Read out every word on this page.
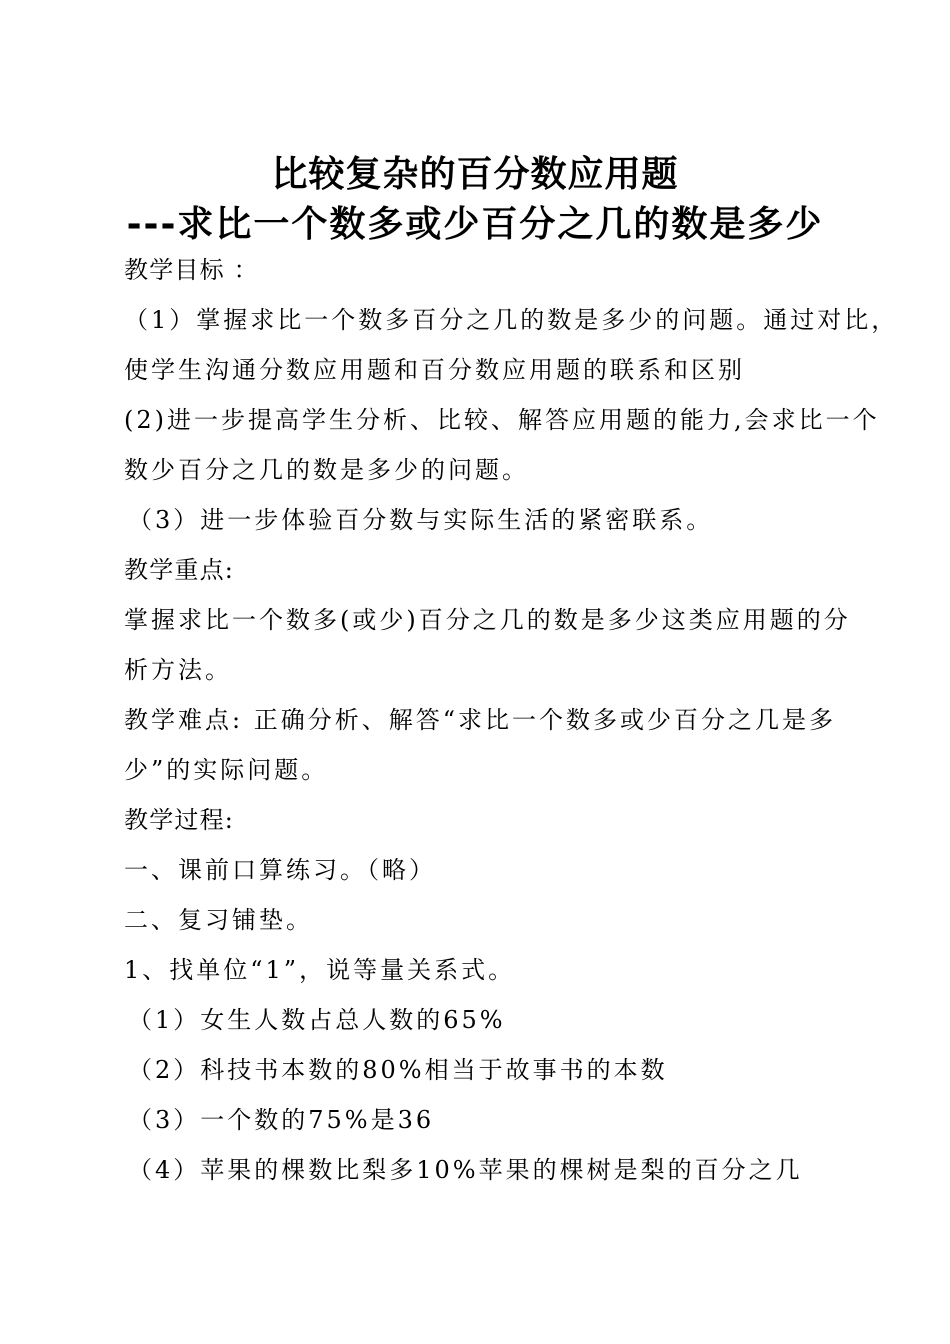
比较复杂的百分数应用题
---求比一个数多或少百分之几的数是多少
教学目标 ：
（1）掌握求比一个数多百分之几的数是多少的问题。通过对比，
使学生沟通分数应用题和百分数应用题的联系和区别
(2)进一步提高学生分析、比较、解答应用题的能力,会求比一个
数少百分之几的数是多少的问题。
（3）进一步体验百分数与实际生活的紧密联系。
教学重点:
掌握求比一个数多(或少)百分之几的数是多少这类应用题的分
析方法。
教学难点: 正确分析、解答“求比一个数多或少百分之几是多
少”的实际问题。
教学过程:
一、课前口算练习。（略）
二、复习铺垫。
1、找单位“1”，说等量关系式。
（1）女生人数占总人数的65%
（2）科技书本数的80%相当于故事书的本数
（3）一个数的75%是36
（4）苹果的棵数比梨多10%苹果的棵树是梨的百分之几
